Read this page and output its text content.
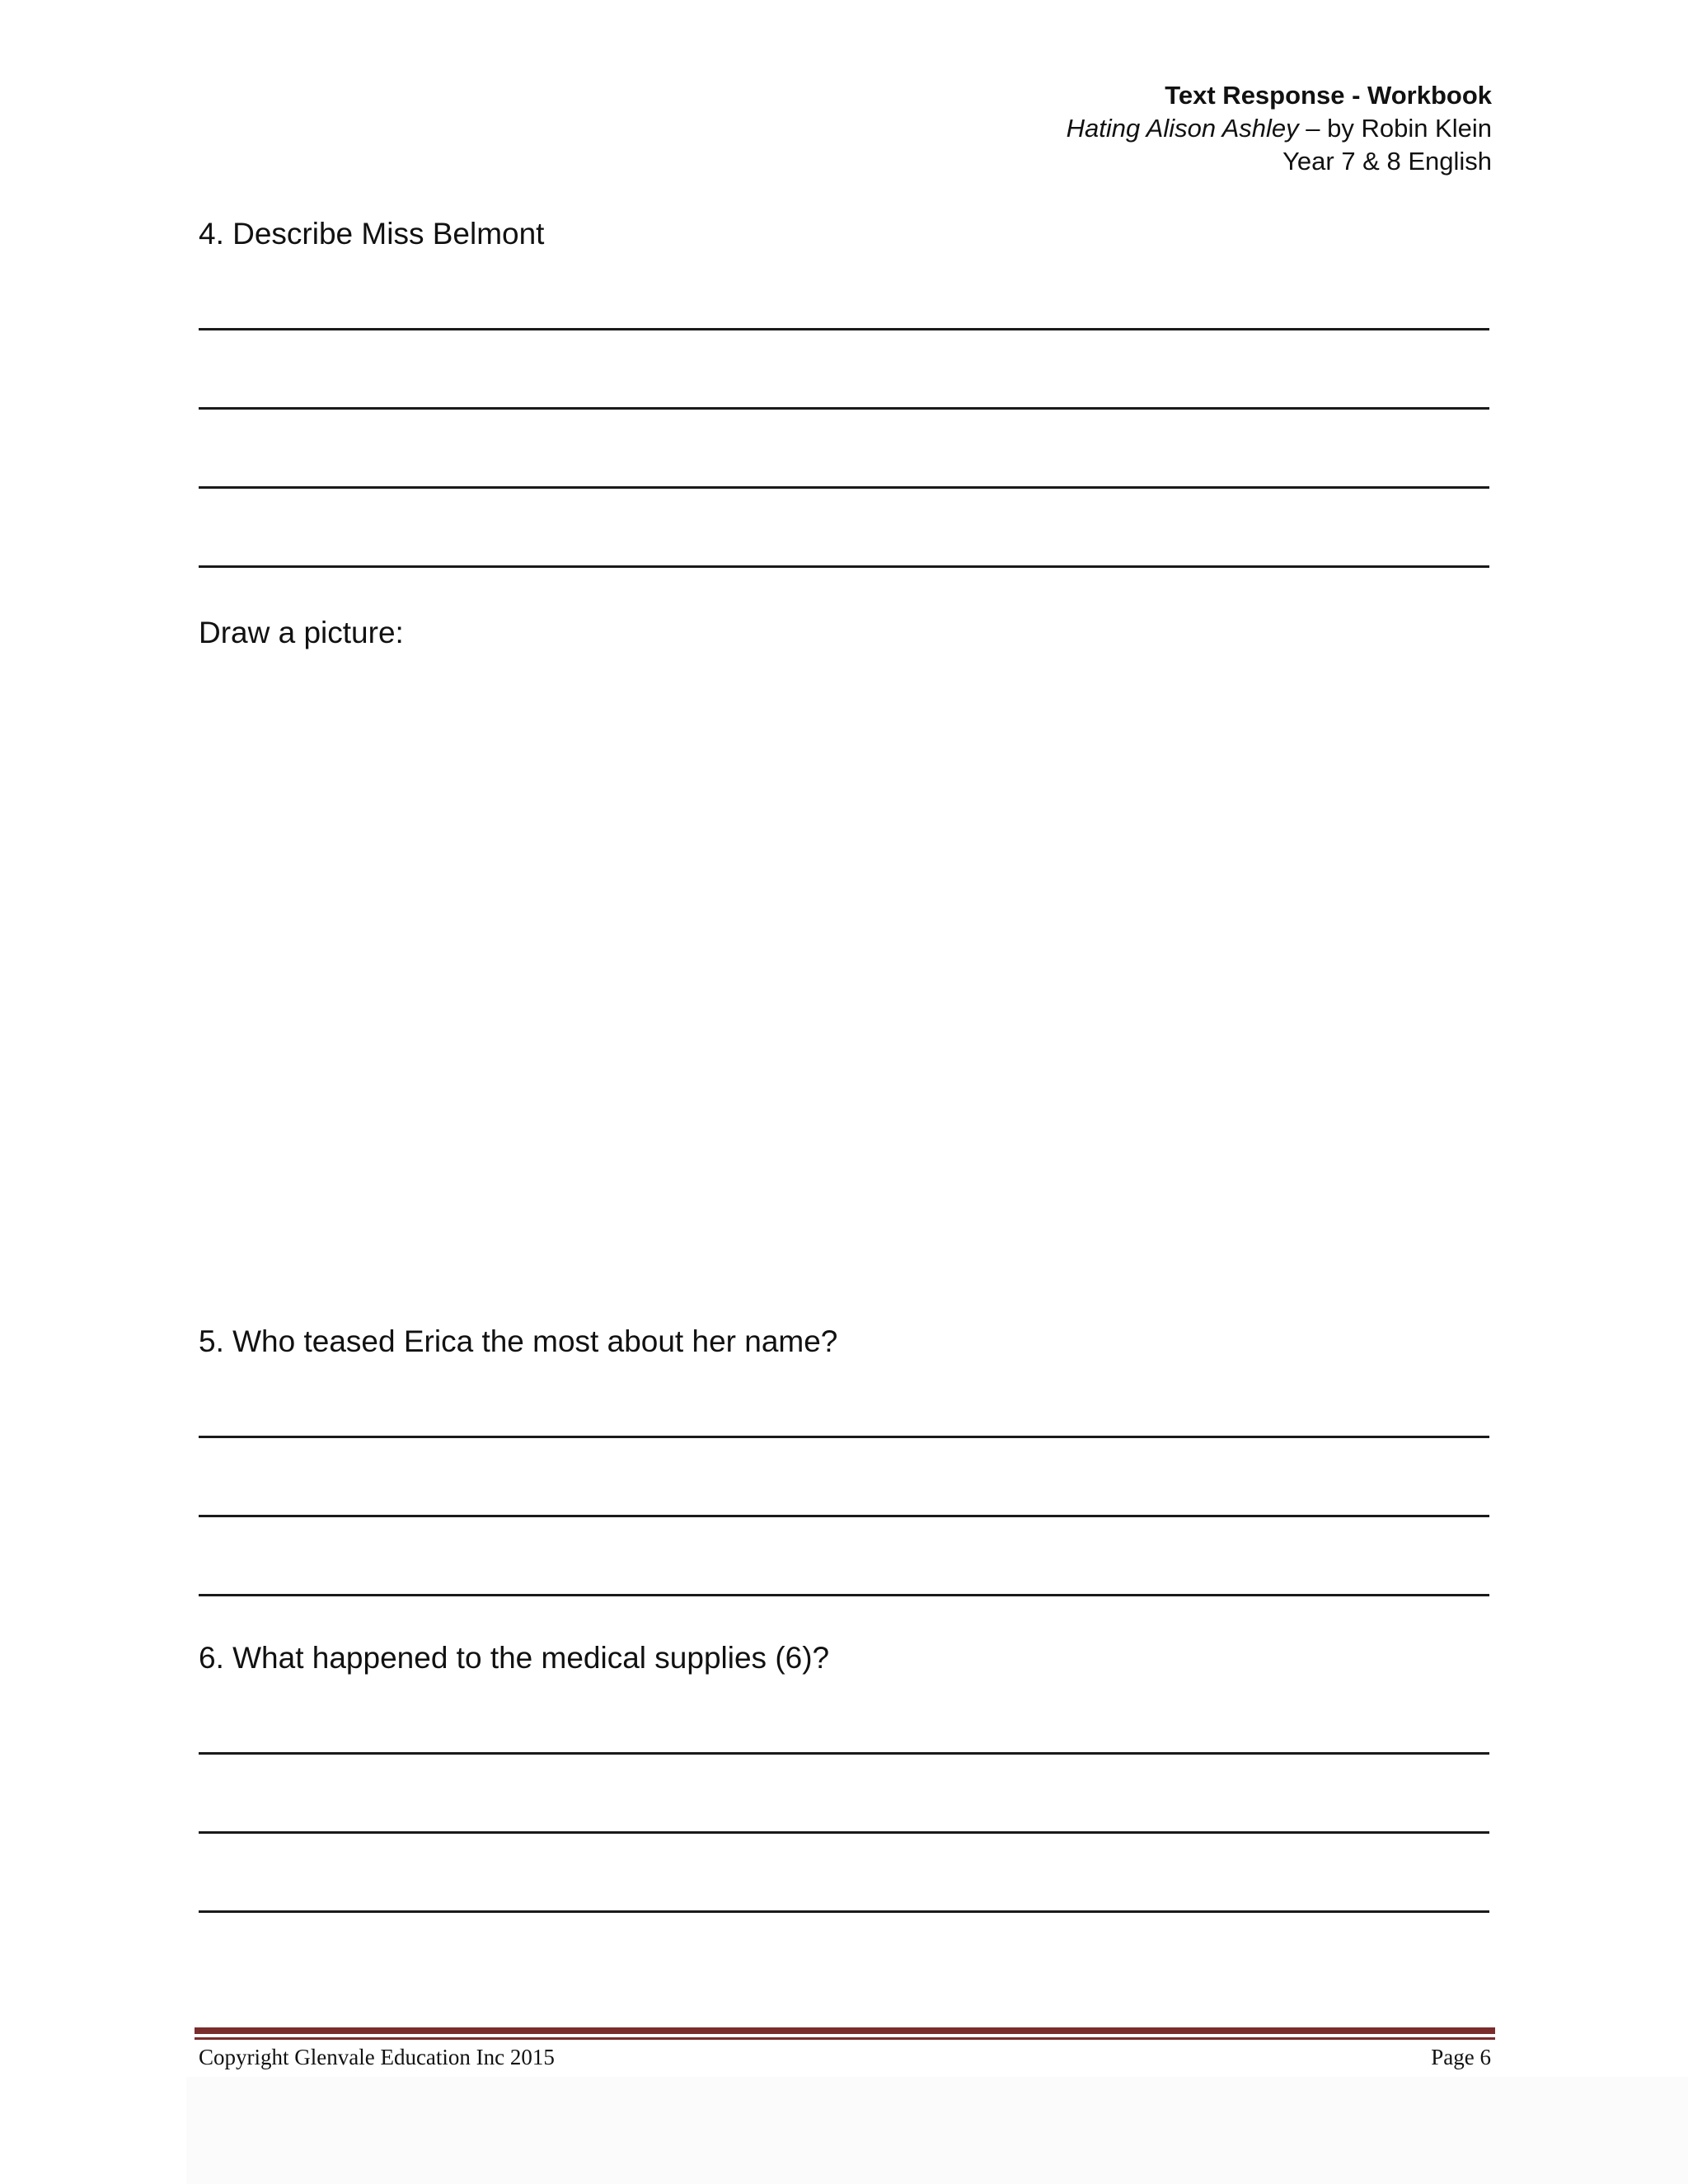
Text Response - Workbook
Hating Alison Ashley – by Robin Klein
Year 7 & 8 English
4. Describe Miss Belmont
Draw a picture:
5. Who teased Erica the most about her name?
6. What happened to the medical supplies (6)?
Copyright Glenvale Education Inc 2015	Page 6
